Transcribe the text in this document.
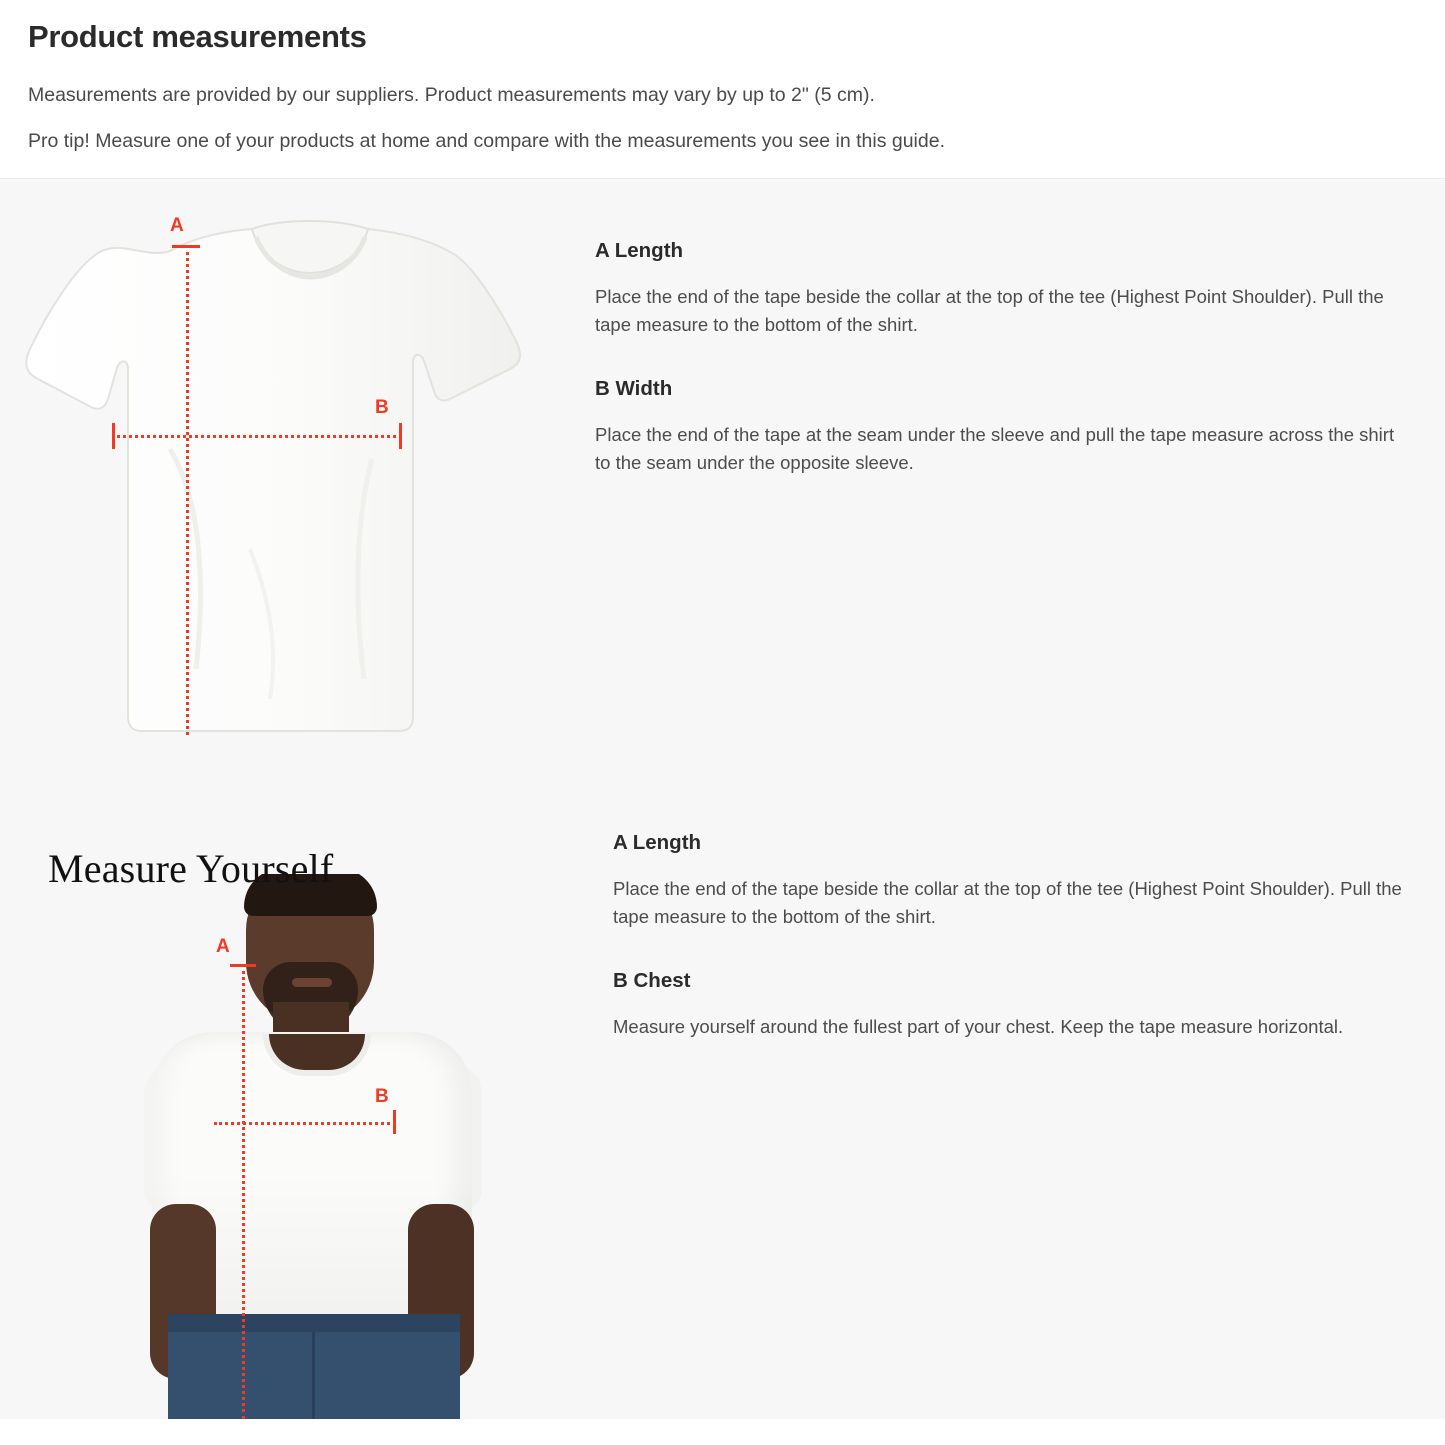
Product measurements

Measurements are provided by our suppliers. Product measurements may vary by up to 2" (5 cm).

Pro tip! Measure one of your products at home and compare with the measurements you see in this guide.

A
B
A Length

Place the end of the tape beside the collar at the top of the tee (Highest Point Shoulder). Pull the tape measure to the bottom of the shirt.

B Width

Place the end of the tape at the seam under the sleeve and pull the tape measure across the shirt to the seam under the opposite sleeve.

Measure Yourself
A
B
A Length

Place the end of the tape beside the collar at the top of the tee (Highest Point Shoulder). Pull the tape measure to the bottom of the shirt.

B Chest

Measure yourself around the fullest part of your chest. Keep the tape measure horizontal.
